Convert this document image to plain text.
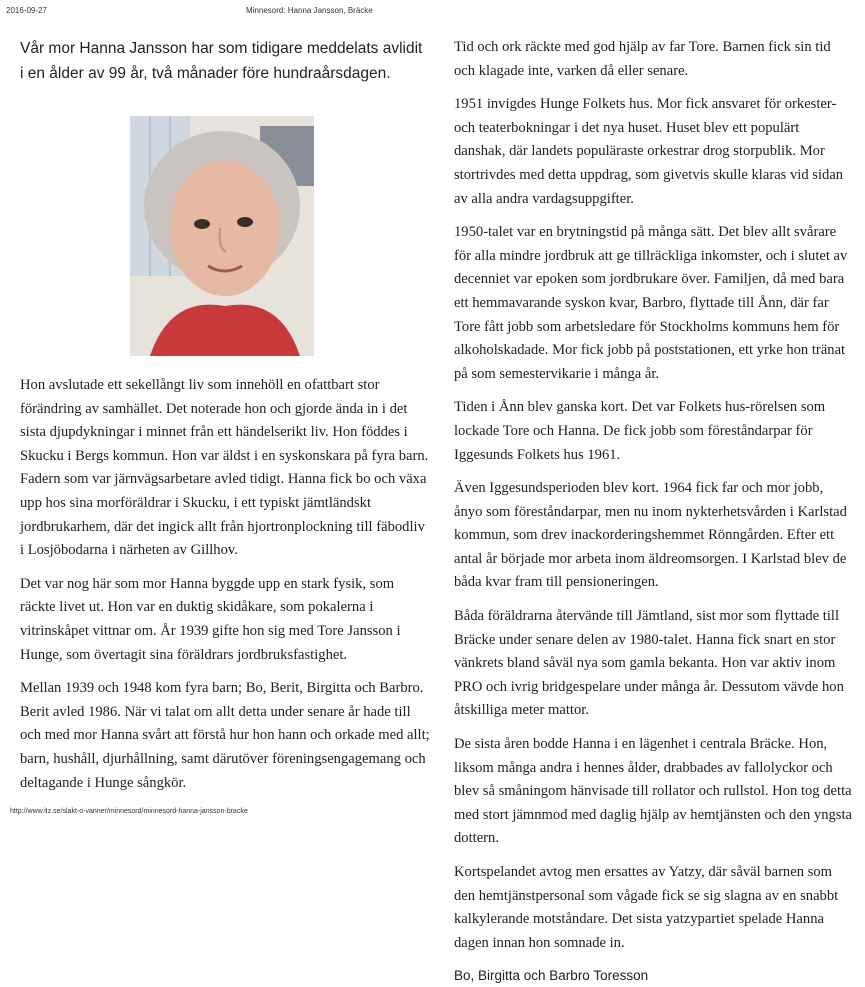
2016-09-27	Minnesord: Hanna Jansson, Bräcke

Vår mor Hanna Jansson har som tidigare meddelats avlidit i en ålder av 99 år, två månader före hundraårsdagen.

Hon avslutade ett sekellångt liv som innehöll en ofattbart stor förändring av samhället. Det noterade hon och gjorde ända in i det sista djupdykningar i minnet från ett händelserikt liv. Hon föddes i Skucku i Bergs kommun. Hon var äldst i en syskonskara på fyra barn. Fadern som var järnvägsarbetare avled tidigt. Hanna fick bo och växa upp hos sina morföräldrar i Skucku, i ett typiskt jämtländskt jordbrukarhem, där det ingick allt från hjortronplockning till fäbodliv i Losjöbodarna i närheten av Gillhov.

Det var nog här som mor Hanna byggde upp en stark fysik, som räckte livet ut. Hon var en duktig skidåkare, som pokalerna i vitrinskåpet vittnar om. År 1939 gifte hon sig med Tore Jansson i Hunge, som övertagit sina föräldrars jordbruksfastighet.

Mellan 1939 och 1948 kom fyra barn; Bo, Berit, Birgitta och Barbro. Berit avled 1986. När vi talat om allt detta under senare år hade till och med mor Hanna svårt att förstå hur hon hann och orkade med allt; barn, hushåll, djurhållning, samt därutöver föreningsengagemang och deltagande i Hunge sångkör.

http://www.ltz.se/slakt-o-vanner/minnesord/minnesord-hanna-jansson-bracke

Tid och ork räckte med god hjälp av far Tore. Barnen fick sin tid och klagade inte, varken då eller senare.

1951 invigdes Hunge Folkets hus. Mor fick ansvaret för orkester- och teaterbokningar i det nya huset. Huset blev ett populärt danshak, där landets populäraste orkestrar drog storpublik. Mor stortrivdes med detta uppdrag, som givetvis skulle klaras vid sidan av alla andra vardagsuppgifter.

1950-talet var en brytningstid på många sätt. Det blev allt svårare för alla mindre jordbruk att ge tillräckliga inkomster, och i slutet av decenniet var epoken som jordbrukare över. Familjen, då med bara ett hemmavarande syskon kvar, Barbro, flyttade till Ånn, där far Tore fått jobb som arbetsledare för Stockholms kommuns hem för alkoholskadade. Mor fick jobb på poststationen, ett yrke hon tränat på som semestervikarie i många år.

Tiden i Ånn blev ganska kort. Det var Folkets hus-rörelsen som lockade Tore och Hanna. De fick jobb som föreståndarpar för Iggesunds Folkets hus 1961.

Även Iggesundsperioden blev kort. 1964 fick far och mor jobb, ånyo som föreståndarpar, men nu inom nykterhetsvården i Karlstad kommun, som drev inackorderingshemmet Rönngården. Efter ett antal år började mor arbeta inom äldreomsorgen. I Karlstad blev de båda kvar fram till pensioneringen.

Båda föräldrarna återvände till Jämtland, sist mor som flyttade till Bräcke under senare delen av 1980-talet. Hanna fick snart en stor vänkrets bland såväl nya som gamla bekanta. Hon var aktiv inom PRO och ivrig bridgespelare under många år. Dessutom vävde hon åtskilliga meter mattor.

De sista åren bodde Hanna i en lägenhet i centrala Bräcke. Hon, liksom många andra i hennes ålder, drabbades av fallolyckor och blev så småningom hänvisade till rollator och rullstol. Hon tog detta med stort jämnmod med daglig hjälp av hemtjänsten och den yngsta dottern.

Kortspelandet avtog men ersattes av Yatzy, där såväl barnen som den hemtjänstpersonal som vågade fick se sig slagna av en snabbt kalkylerande motståndare. Det sista yatzypartiet spelade Hanna dagen innan hon somnade in.

Bo, Birgitta och Barbro Toresson
